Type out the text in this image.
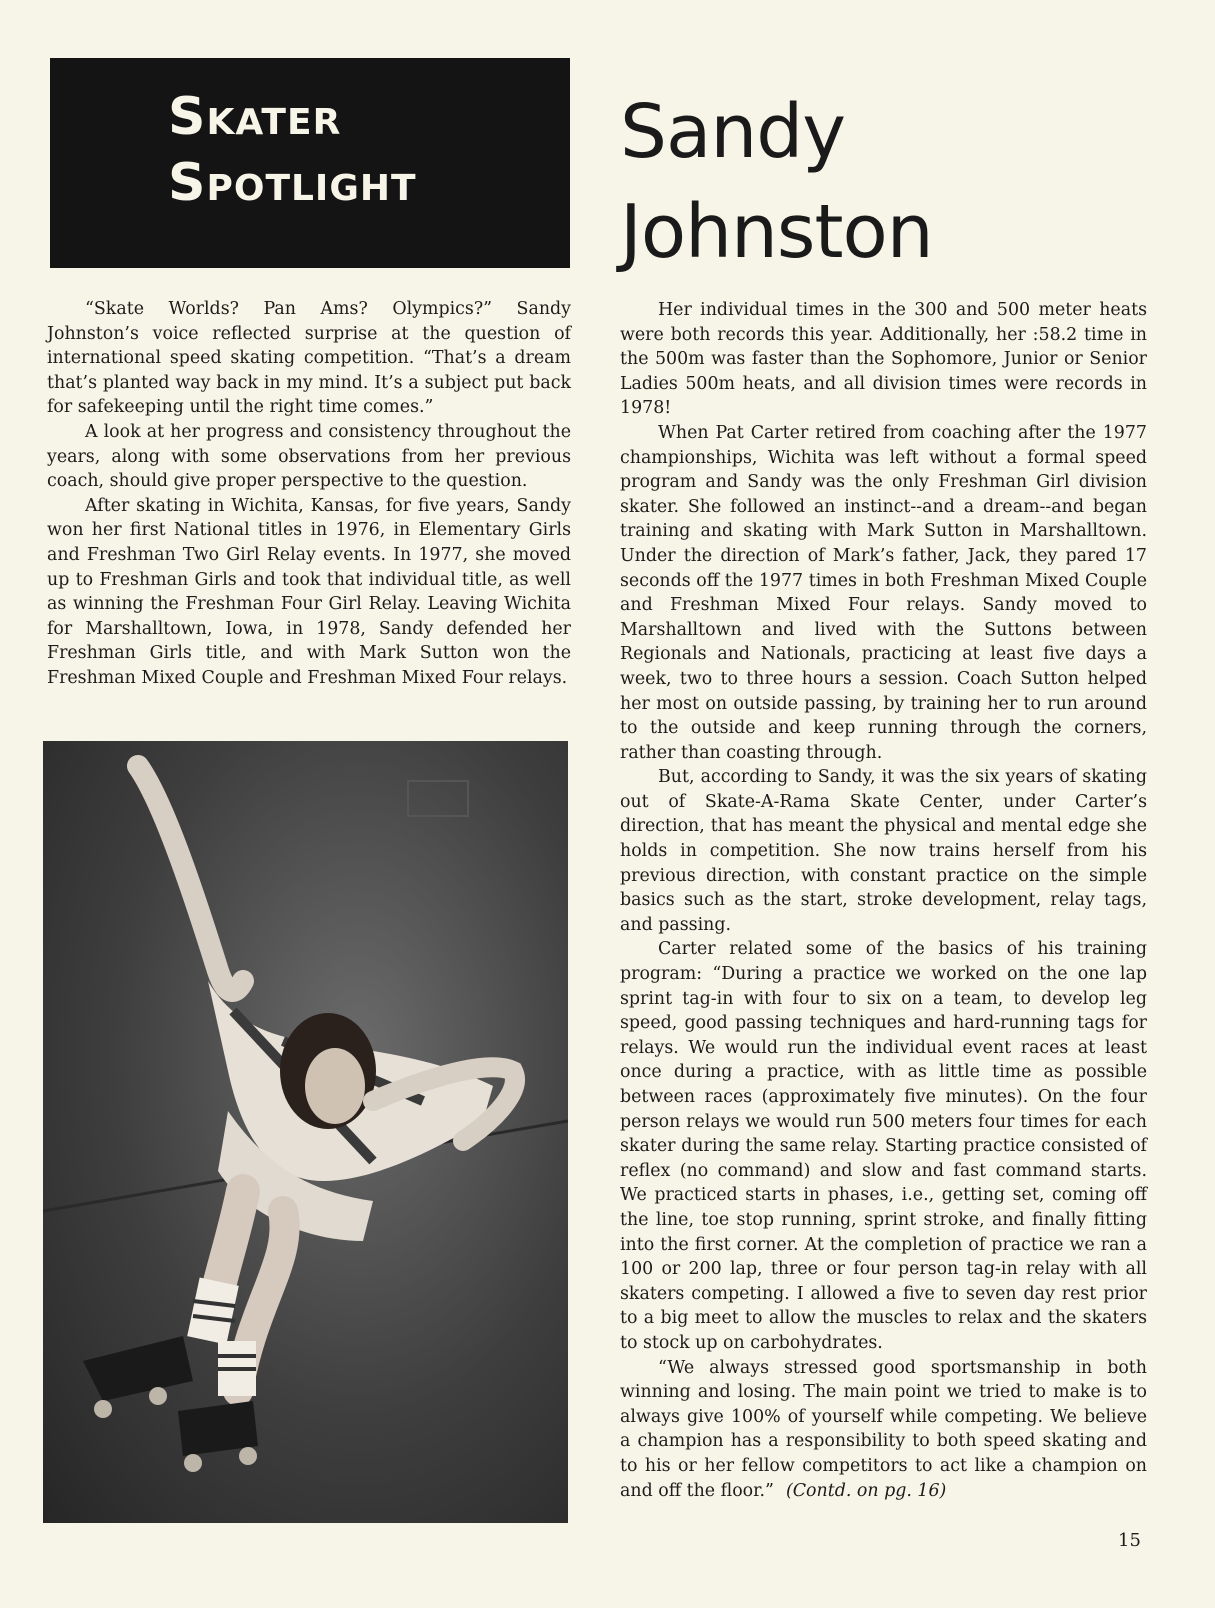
Skater
Spotlight
Sandy
Johnston

“Skate Worlds? Pan Ams? Olympics?” Sandy Johnston’s voice reflected surprise at the question of international speed skating competition. “That’s a dream that’s planted way back in my mind. It’s a subject put back for safekeeping until the right time comes.”

A look at her progress and consistency throughout the years, along with some observations from her previous coach, should give proper perspective to the question.

After skating in Wichita, Kansas, for five years, Sandy won her first National titles in 1976, in Elementary Girls and Freshman Two Girl Relay events. In 1977, she moved up to Freshman Girls and took that individual title, as well as winning the Freshman Four Girl Relay. Leaving Wichita for Marshalltown, Iowa, in 1978, Sandy defended her Freshman Girls title, and with Mark Sutton won the Freshman Mixed Couple and Freshman Mixed Four relays.

Her individual times in the 300 and 500 meter heats were both records this year. Additionally, her :58.2 time in the 500m was faster than the Sophomore, Junior or Senior Ladies 500m heats, and all division times were records in 1978!

When Pat Carter retired from coaching after the 1977 championships, Wichita was left without a formal speed program and Sandy was the only Freshman Girl division skater. She followed an instinct--and a dream--and began training and skating with Mark Sutton in Marshalltown. Under the direction of Mark’s father, Jack, they pared 17 seconds off the 1977 times in both Freshman Mixed Couple and Freshman Mixed Four relays. Sandy moved to Marshalltown and lived with the Suttons between Regionals and Nationals, practicing at least five days a week, two to three hours a session. Coach Sutton helped her most on outside passing, by training her to run around to the outside and keep running through the corners, rather than coasting through.

But, according to Sandy, it was the six years of skating out of Skate-A-Rama Skate Center, under Carter’s direction, that has meant the physical and mental edge she holds in competition. She now trains herself from his previous direction, with constant practice on the simple basics such as the start, stroke development, relay tags, and passing.

Carter related some of the basics of his training program: “During a practice we worked on the one lap sprint tag-in with four to six on a team, to develop leg speed, good passing techniques and hard-running tags for relays. We would run the individual event races at least once during a practice, with as little time as possible between races (approximately five minutes). On the four person relays we would run 500 meters four times for each skater during the same relay. Starting practice consisted of reflex (no command) and slow and fast command starts. We practiced starts in phases, i.e., getting set, coming off the line, toe stop running, sprint stroke, and finally fitting into the first corner. At the completion of practice we ran a 100 or 200 lap, three or four person tag-in relay with all skaters competing. I allowed a five to seven day rest prior to a big meet to allow the muscles to relax and the skaters to stock up on carbohydrates.

“We always stressed good sportsmanship in both winning and losing. The main point we tried to make is to always give 100% of yourself while competing. We believe a champion has a responsibility to both speed skating and to his or her fellow competitors to act like a champion on and off the floor.” (Contd. on pg. 16)

15
